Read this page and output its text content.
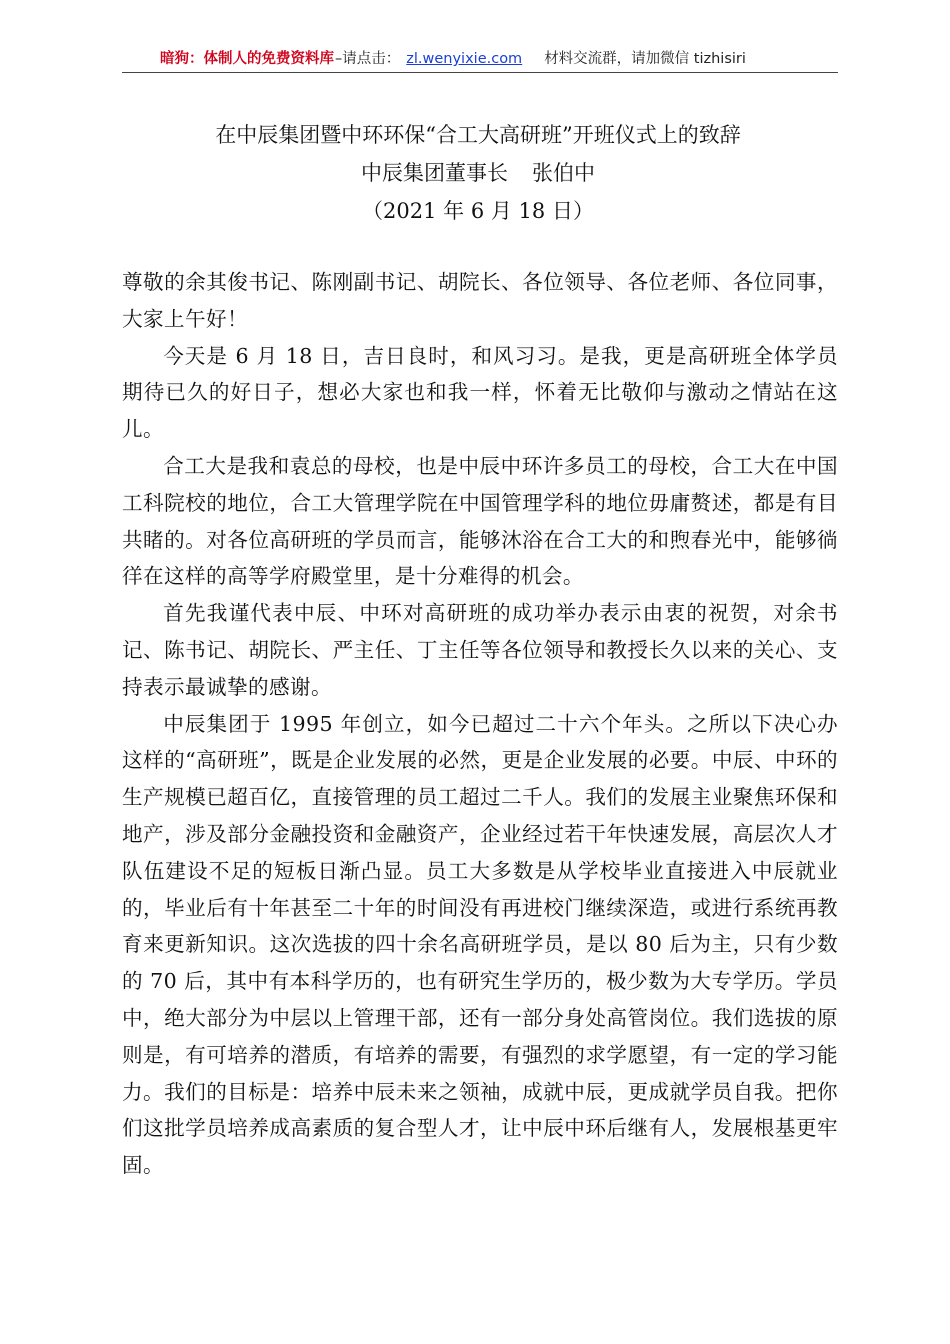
暗狗：体制人的免费资料库–请点击： zl.wenyixie.com 材料交流群，请加微信 tizhisiri
在中辰集团暨中环环保“合工大高研班”开班仪式上的致辞
中辰集团董事长 张伯中
（2021 年 6 月 18 日）

尊敬的余其俊书记、陈刚副书记、胡院长、各位领导、各位老师、各位同事，大家上午好！

今天是 6 月 18 日，吉日良时，和风习习。是我，更是高研班全体学员期待已久的好日子，想必大家也和我一样，怀着无比敬仰与激动之情站在这儿。

合工大是我和袁总的母校，也是中辰中环许多员工的母校，合工大在中国工科院校的地位，合工大管理学院在中国管理学科的地位毋庸赘述，都是有目共睹的。对各位高研班的学员而言，能够沐浴在合工大的和煦春光中，能够徜徉在这样的高等学府殿堂里，是十分难得的机会。

首先我谨代表中辰、中环对高研班的成功举办表示由衷的祝贺，对余书记、陈书记、胡院长、严主任、丁主任等各位领导和教授长久以来的关心、支持表示最诚挚的感谢。

中辰集团于 1995 年创立，如今已超过二十六个年头。之所以下决心办这样的“高研班”，既是企业发展的必然，更是企业发展的必要。中辰、中环的生产规模已超百亿，直接管理的员工超过二千人。我们的发展主业聚焦环保和地产，涉及部分金融投资和金融资产，企业经过若干年快速发展，高层次人才队伍建设不足的短板日渐凸显。员工大多数是从学校毕业直接进入中辰就业的，毕业后有十年甚至二十年的时间没有再进校门继续深造，或进行系统再教育来更新知识。这次选拔的四十余名高研班学员，是以 80 后为主，只有少数的 70 后，其中有本科学历的，也有研究生学历的，极少数为大专学历。学员中，绝大部分为中层以上管理干部，还有一部分身处高管岗位。我们选拔的原则是，有可培养的潜质，有培养的需要，有强烈的求学愿望，有一定的学习能力。我们的目标是：培养中辰未来之领袖，成就中辰，更成就学员自我。把你们这批学员培养成高素质的复合型人才，让中辰中环后继有人，发展根基更牢固。
